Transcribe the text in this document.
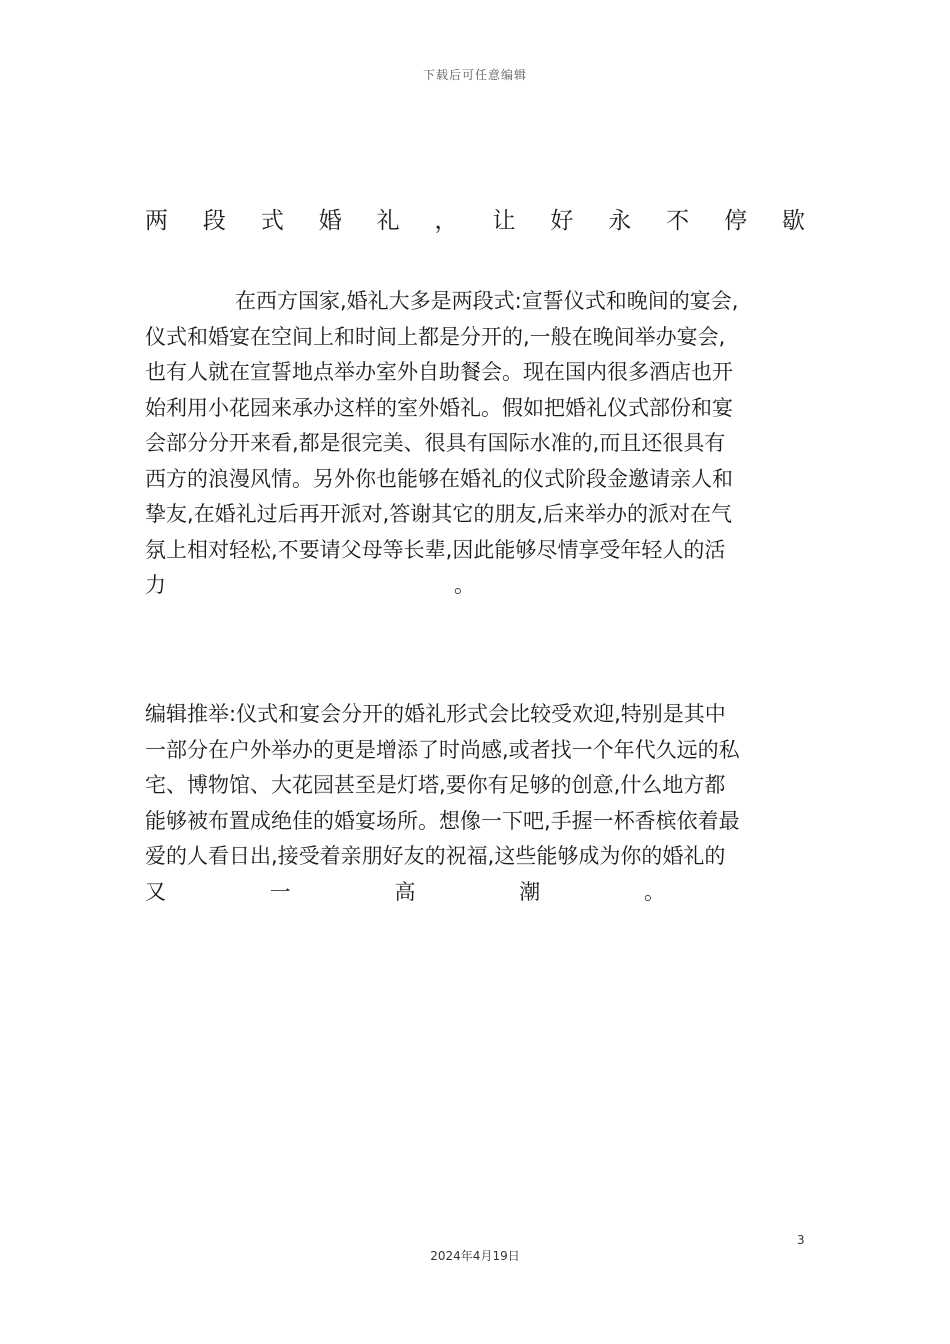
下载后可任意编辑
两 段 式 婚 礼 ， 让 好 永 不 停 歇
在西方国家,婚礼大多是两段式:宣誓仪式和晚间的宴会,
仪式和婚宴在空间上和时间上都是分开的,一般在晚间举办宴会,
也有人就在宣誓地点举办室外自助餐会。现在国内很多酒店也开
始利用小花园来承办这样的室外婚礼。假如把婚礼仪式部份和宴
会部分分开来看,都是很完美、很具有国际水准的,而且还很具有
西方的浪漫风情。另外你也能够在婚礼的仪式阶段金邀请亲人和
挚友,在婚礼过后再开派对,答谢其它的朋友,后来举办的派对在气
氛上相对轻松,不要请父母等长辈,因此能够尽情享受年轻人的活
力	。
编辑推举:仪式和宴会分开的婚礼形式会比较受欢迎,特别是其中
一部分在户外举办的更是增添了时尚感,或者找一个年代久远的私
宅、博物馆、大花园甚至是灯塔,要你有足够的创意,什么地方都
能够被布置成绝佳的婚宴场所。想像一下吧,手握一杯香槟依着最
爱的人看日出,接受着亲朋好友的祝福,这些能够成为你的婚礼的
又	一	高	潮	。
3
2024年4月19日
